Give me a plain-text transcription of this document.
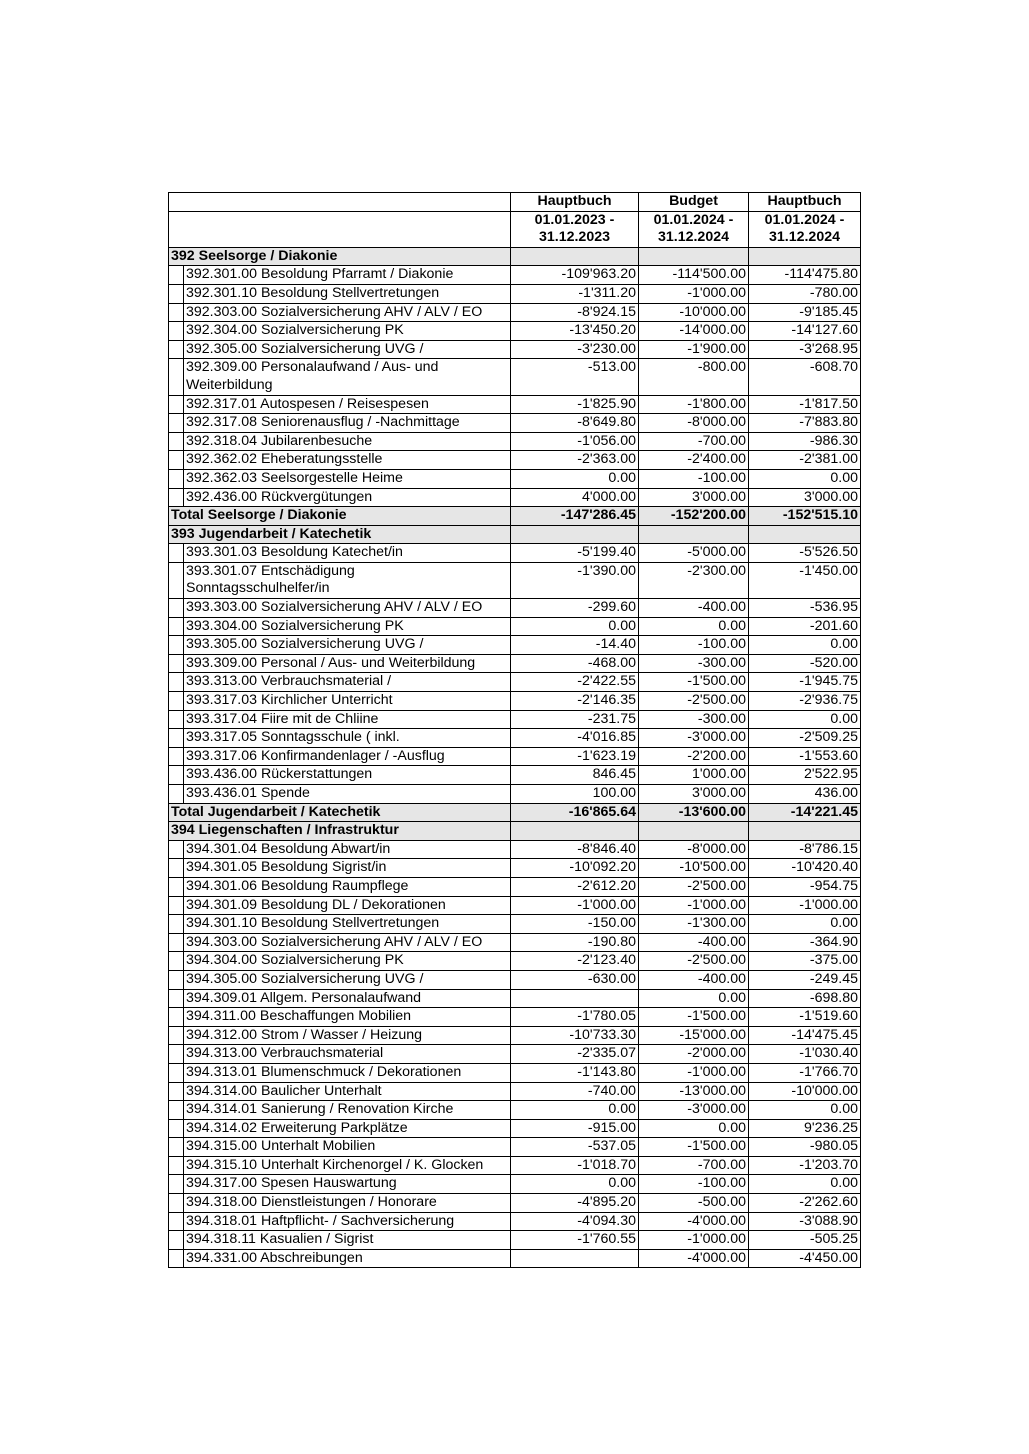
		Hauptbuch	Budget	Hauptbuch
		01.01.2023 -	01.01.2024 -	01.01.2024 -
		31.12.2023	31.12.2024	31.12.2024
392 Seelsorge / Diakonie				
	392.301.00 Besoldung Pfarramt / Diakonie	-109'963.20	-114'500.00	-114'475.80
	392.301.10 Besoldung Stellvertretungen	-1'311.20	-1'000.00	-780.00
	392.303.00 Sozialversicherung AHV / ALV / EO	-8'924.15	-10'000.00	-9'185.45
	392.304.00 Sozialversicherung PK	-13'450.20	-14'000.00	-14'127.60
	392.305.00 Sozialversicherung UVG /	-3'230.00	-1'900.00	-3'268.95
	392.309.00 Personalaufwand / Aus- und
Weiterbildung	-513.00	-800.00	-608.70
	392.317.01 Autospesen / Reisespesen	-1'825.90	-1'800.00	-1'817.50
	392.317.08 Seniorenausflug / -Nachmittage	-8'649.80	-8'000.00	-7'883.80
	392.318.04 Jubilarenbesuche	-1'056.00	-700.00	-986.30
	392.362.02 Eheberatungsstelle	-2'363.00	-2'400.00	-2'381.00
	392.362.03 Seelsorgestelle Heime	0.00	-100.00	0.00
	392.436.00 Rückvergütungen	4'000.00	3'000.00	3'000.00
Total Seelsorge / Diakonie		-147'286.45	-152'200.00	-152'515.10
393 Jugendarbeit / Katechetik				
	393.301.03 Besoldung Katechet/in	-5'199.40	-5'000.00	-5'526.50
	393.301.07 Entschädigung
Sonntagsschulhelfer/in	-1'390.00	-2'300.00	-1'450.00
	393.303.00 Sozialversicherung AHV / ALV / EO	-299.60	-400.00	-536.95
	393.304.00 Sozialversicherung PK	0.00	0.00	-201.60
	393.305.00 Sozialversicherung UVG /	-14.40	-100.00	0.00
	393.309.00 Personal / Aus- und Weiterbildung	-468.00	-300.00	-520.00
	393.313.00 Verbrauchsmaterial /	-2'422.55	-1'500.00	-1'945.75
	393.317.03 Kirchlicher Unterricht	-2'146.35	-2'500.00	-2'936.75
	393.317.04 Fiire mit de Chliine	-231.75	-300.00	0.00
	393.317.05 Sonntagsschule ( inkl.	-4'016.85	-3'000.00	-2'509.25
	393.317.06 Konfirmandenlager / -Ausflug	-1'623.19	-2'200.00	-1'553.60
	393.436.00 Rückerstattungen	846.45	1'000.00	2'522.95
	393.436.01 Spende	100.00	3'000.00	436.00
Total Jugendarbeit / Katechetik		-16'865.64	-13'600.00	-14'221.45
394 Liegenschaften / Infrastruktur				
	394.301.04 Besoldung Abwart/in	-8'846.40	-8'000.00	-8'786.15
	394.301.05 Besoldung Sigrist/in	-10'092.20	-10'500.00	-10'420.40
	394.301.06 Besoldung Raumpflege	-2'612.20	-2'500.00	-954.75
	394.301.09 Besoldung DL / Dekorationen	-1'000.00	-1'000.00	-1'000.00
	394.301.10 Besoldung Stellvertretungen	-150.00	-1'300.00	0.00
	394.303.00 Sozialversicherung AHV / ALV / EO	-190.80	-400.00	-364.90
	394.304.00 Sozialversicherung PK	-2'123.40	-2'500.00	-375.00
	394.305.00 Sozialversicherung UVG /	-630.00	-400.00	-249.45
	394.309.01 Allgem. Personalaufwand		0.00	-698.80
	394.311.00 Beschaffungen Mobilien	-1'780.05	-1'500.00	-1'519.60
	394.312.00 Strom / Wasser / Heizung	-10'733.30	-15'000.00	-14'475.45
	394.313.00 Verbrauchsmaterial	-2'335.07	-2'000.00	-1'030.40
	394.313.01 Blumenschmuck / Dekorationen	-1'143.80	-1'000.00	-1'766.70
	394.314.00 Baulicher Unterhalt	-740.00	-13'000.00	-10'000.00
	394.314.01 Sanierung / Renovation Kirche	0.00	-3'000.00	0.00
	394.314.02 Erweiterung Parkplätze	-915.00	0.00	9'236.25
	394.315.00 Unterhalt Mobilien	-537.05	-1'500.00	-980.05
	394.315.10 Unterhalt Kirchenorgel / K. Glocken	-1'018.70	-700.00	-1'203.70
	394.317.00 Spesen Hauswartung	0.00	-100.00	0.00
	394.318.00 Dienstleistungen / Honorare	-4'895.20	-500.00	-2'262.60
	394.318.01 Haftpflicht- / Sachversicherung	-4'094.30	-4'000.00	-3'088.90
	394.318.11 Kasualien / Sigrist	-1'760.55	-1'000.00	-505.25
	394.331.00 Abschreibungen		-4'000.00	-4'450.00
